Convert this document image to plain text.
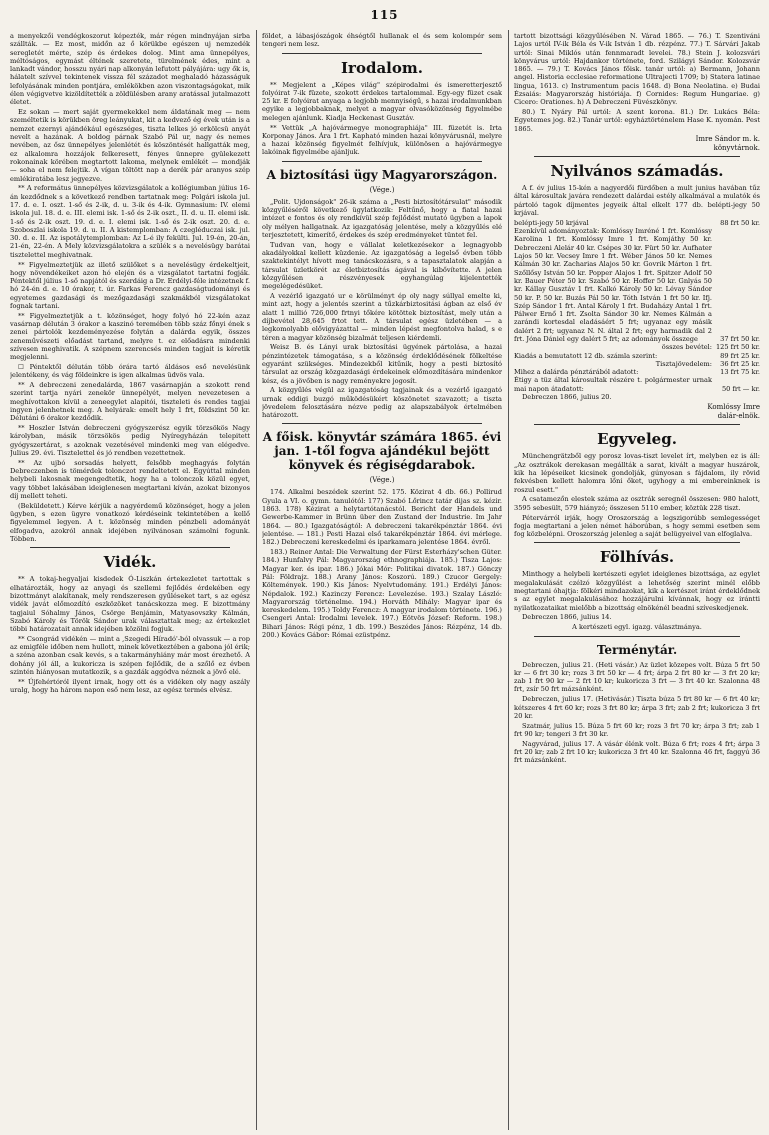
115

a menyekzői vendégkoszorut képezték, már régen mindnyájan sirba szállták. — Ez most, midőn az ő körükbe egészen uj nemzedék seregletét mérte, szép és érdekes dolog. Mint ama ünnepélyes, méltóságos, egymást éltének szeretete, türelmének édes, mint a lankadt vándor, hosszu nyári nap alkonyán lefutott pályájára: ugy ők is, hálatelt szívvel tekintenek vissza fél századot meghaladó házasságuk lefolyásának minden pontjára, emlékökben azon viszontagságokat, mik élen végigvetve kizöldítették a zöldülésben arany aratással jutalmazott életet.

Ez sokan — mert saját gyermekekkel nem áldatának meg — nem személtetik is körükben öreg leányukat, kit a kedvező ég évek után is a nemzet ezernyi ajándékául egészséges, tiszta lelkes jó erkölcsü anyát nevelt a hazának. A boldog párnak Szabó Pál ur, nagy és nemes nevében, az ősz ünnepélyes jelenlétét és köszöntését hallgatták meg, ez alkalomra hozzájok felkeresett, fényes ünnepre gyülekezett rokonainak körében megtartott lakoma, melynek emlékét — mondják — soha el nem felejtik. A vígan töltött nap a derék pár aranyos szép emlékiratába lesz jegyezve.

** A református ünnepélyes közvizsgálatok a kollégiumban július 16-án kezdődnek s a következő rendben tartatnak meg: Polgári iskola jul. 17. d. e. I. oszt. 1-ső és 2-ik, d. u. 3-ik és 4-ik. Gymnasium: IV. elemi iskola jul. 18. d. e. III. elemi isk. 1-ső és 2-ik oszt., II. d. u. II. elemi isk. 1-ső és 2-ik oszt. 19. d. e. I. elemi isk. 1-ső és 2-ik oszt. 20. d. e. Szoboszlai iskola 19. d. u. II. A kistemplomban: A czegléduczai isk. jul. 30. d. e. II. Az ispotálytemplomban: Az L-é ily fekülti. Jul. 19-én, 20-án, 21-én, 22-én. A Mely közvizsgálatokra a szülék s a nevelésügy barátai tisztelettel meghivatnak.

** Figyelmeztetjük az illető szülőket s a nevelésügy érdekeltjeit, hogy növendékeiket azon hó elején és a vizsgálatot tartatni fogják. Péntektől július 1-ső napjától és szerdáig a Dr. Erdélyi-féle intézetnek f. hó 24-én d. e. 10 órakor, t. úr. Farkas Ferencz gazdaságtudományi és egyetemes gazdasági és mezőgazdasági szakmákból vizsgálatokat fognak tartani.

** Figyelmeztetjük a t. közönséget, hogy folyó hó 22-kén azaz vasárnap délután 3 órakor a kaszinó teremében több száz főnyi ének s zenei pártolók kezdeményezése folytán a dalárda egyik, összes zeneművészeti előadást tartand, melyre t. ez előadásra mindenki szívesen meghivatik. A szépnem szerencsés minden tagjait is kéretik megjelenni.

☐ Péntektől délután több órára tartó áldásos eső nevelésünk jelentékeny, és vág földeinkre is igen alkalmas üdvös vala.

** A debreczeni zenedalárda, 1867 vasárnapján a szokott rend szerint tartja nyári zenekör ünnepélyét, melyen nevezetesen a meghívottakon kívül a zeneegylet alapitói, tiszteleti és rendes tagjai ingyen jelenhetnek meg. A helyárak: emelt hely 1 frt, földszint 50 kr. Délutáni 6 órakor kezdődik.

** Hoszler István debreczeni gyógyszerész egyik törzsökös Nagy károlyban, másik törzsökös pedig Nyíregyházán telepitett gyógyszertárat, s azoknak vezetésével mindenki meg van elégedve. Julius 29. évi. Tisztelettel és jó rendben vezettetnek.

** Az ujbó sorsadás helyett, felsőbb meghagyás folytán Debreczenben is tömérdek tolonczot rendeltetett el. Egyúttal minden helybeli lakosnak megengedtetik, hogy ha a tolonczok közül egyet, vagy többet lakásában ideiglenesen megtartani kíván, azokat bizonyos díj mellett teheti.

(Beküldetett.) Kérve kérjük a nagyérdemű közönséget, hogy a jelen ügyben, s ezen ügyre vonatkozó kérdéseink tekintetében a kellő figyelemmel legyen. A t. közönség minden pénzbeli adományát elfogadva, azokról annak idejében nyilvánosan számolni fogunk. Tóbben.

Vidék.

** A tokaj-hegyaljai kisdedek Ó-Liszkán értekezletet tartottak s elhatározták, hogy az anyagi és szellemi fejlődés érdekében egy bizottmányt alakítanak, mely rendszeresen gyűléseket tart, s az egész vidék javát előmozdító eszközöket tanácskozza meg. E bizottmány tagjaiul Sóhalmy János, Csörge Benjámin, Matyasovszky Kálmán, Szabó Károly és Török Sándor urak választattak meg; az értekezlet többi határozatait annak idejében közölni fogjuk.

** Csongrád vidékén — mint a ,Szegedi Híradó'-ból olvassuk — a rop az emigféle időben nem hullott, minek következtében a gabona jól érik; a széna azonban csak kevés, s a takarmányhiány már most érezhető. A dohány jól áll, a kukoricza is szépen fejlődik, de a szőlő ez évben szintén hiányosan mutatkozik, s a gazdák aggódva néznek a jövő elé.

** Újfehértóról ilyent irnak, hogy ott és a vidéken oly nagy aszály uralg, hogy ha három napon eső nem lesz, az egész termés elvész.

földet, a lábasjószágok éhségtől hullanak el és sem kolompér sem tengeri nem lesz.

Irodalom.

** Megjelent a „Képes világ" szépirodalmi és ismeretterjesztő folyóirat 7-ik füzete, szokott érdekes tartalommal. Egy-egy füzet csak 25 kr. E folyóirat anyaga a legjobb mennyiségű, s hazai irodalmunkban egyike a legjobbaknak, melyet a magyar olvasóközönség figyelmébe melegen ajánlunk. Kiadja Heckenast Gusztáv.

** Vettük „A hajóvármegye monographiája" III. füzetét is. Irta Korponay János. Ára 1 frt. Kapható minden hazai könyvárusnál, melyre a hazai közönség figyelmét felhívjuk, különösen a hajóvármegye lakóinak figyelmébe ajánljuk.

A biztosítási ügy Magyarországon.
(Vége.)

„Polit. Ujdonságok" 26-ik száma a „Pesti biztosítótársulat" második közgyűléséről következő ügylatkozik: Feltűnő, hogy a fiatal hazai intézet e fontos és oly rendkívül szép fejlődést mutató ügyben a lapok oly mélyen hallgatnak. Az igazgatóság jelentése, mely a közgyűlés elé terjesztetett, kimerítő, érdekes és szép eredményeket tüntet fel.

Tudvan van, hogy e vállalat keletkezésekor a legnagyobb akadályokkal kellett küzdenie. Az igazgatóság a legelső évben több szaktekintélyt hívott meg tanácskozásra, s a tapasztalatok alapján a társulat üzletkörét az életbiztosítás ágával is kibővítette. A jelen közgyűlésen a részvényesek egyhangúlag kijelentették megelégedésüket.

A vezérlő igazgató ur e körülményt ép oly nagy súllyal emelte ki, mint azt, hogy a jelentés szerint a tűzkárbiztositási ágban az első év alatt 1 millió 726,000 frtnyi tőkére kötöttek biztosítást, mely után a díjbevétel 28,645 frtot tett. A társulat egész üzletében — a legkomolyabb elővigyázattal — minden lépést megfontolva halad, s e téren a magyar közönség bizalmát teljesen kiérdemli.

Weisz B. és Lányi urak biztosítási ügyének pártolása, a hazai pénzintézetek támogatása, s a közönség érdeklődésének fölkeltése egyaránt szükséges. Mindezekből kitűnik, hogy a pesti biztosító társulat az ország közgazdasági érdekeinek előmozdítására mindenkor kész, és a jövőben is nagy reményekre jogosít.

A közgyűlés végül az igazgatóság tagjainak és a vezérlő igazgató urnak eddigi buzgó működésükért köszönetet szavazott; a tiszta jövedelem felosztására nézve pedig az alapszabályok értelmében határozott.

A főisk. könyvtár számára 1865. évi jan. 1-től fogva ajándékul bejött könyvek és régiségdarabok.
(Vége.)

174. Alkalmi beszédek szerint 52. 175. Közirat 4 db. 66.) Pollirud Gyula a VI. o. gymn. tanulótól: 177) Szabó Lőrincz tatár dijas sz. kézir. 1863. 178) Kézirat a helytartótanácstól. Bericht der Handels und Gewerbe-Kammer in Brünn über den Zustand der Industrie. Im Jahr 1864. — 80.) Igazgatóságtól: A debreczeni takarékpénztár 1864. évi jelentése. — 181.) Pesti Hazai első takarékpénztár 1864. évi mérlege. 182.) Debreczeni kereskedelmi és iparkamara jelentése 1864. évről.

183.) Reiner Antal: Die Verwaltung der Fürst Esterházy'schen Güter. 184.) Hunfalvy Pál: Magyarország ethnographiája. 185.) Tisza Lajos: Magyar ker. és ipar. 186.) Jókai Mór: Politikai divatok. 187.) Gönczy Pál: Földrajz. 188.) Arany János: Koszorú. 189.) Czucor Gergely: Költemények. 190.) Kis János: Nyelvtudomány. 191.) Erdélyi János: Népdalok. 192.) Kazinczy Ferencz: Levelezése. 193.) Szalay László: Magyarország történelme. 194.) Horváth Mihály: Magyar ipar és kereskedelem. 195.) Toldy Ferencz: A magyar irodalom története. 196.) Csengeri Antal: Irodalmi levelek. 197.) Eötvös József: Reform. 198.) Bihari János: Régi pénz, 1 db. 199.) Beszédes János: Rézpénz, 14 db. 200.) Kovács Gábor: Római ezüstpénz.

tartott bizottsági közgyűlésében N. Várad 1865. — 76.) T. Szentiváni Lajos urtól IV-ik Béla és V-ik István 1 db. rézpénz. 77.) T. Sárvári Jakab urtól: Sinai Miklós után fennmaradt levelei. 78.) Stein J. kolozsvári könyvárus urtól: Hajdankor története, ford. Szilágyi Sándor. Kolozsvár 1865. — 79.) T. Kovács János főisk. tanár urtól: a) Bermann, Johann angel. Historia ecclesiae reformatione Ultrajecti 1709; b) Statera latinae lingua, 1613. c) Instrumentum pacis 1648. d) Bona Neolatina. e) Budai Ézsaiás: Magyarország históriája. f) Cornides: Regum Hungariae. g) Cicero: Orationes. h) A Debreczeni Füvészkönyv.

80.) T. Nyáry Pál urtól: A szent korona. 81.) Dr. Lukács Béla: Egyetemes jog. 82.) Tanár urtól: egyháztörténelem Hase K. nyomán. Pest 1865.

Imre Sándor m. k.
könyvtárnok.
Nyilvános számadás.

A f. év julius 15-kén a nagyerdői fürdőben a mult junius havában tűz által károsultak javára rendezett dalárdai estély alkalmával a mulatók és pártoló tagok díjmentes jegyeik által elkelt 177 db. belépti-jegy 50 krjával.

belépti-jegy 50 krjával	88 frt 50 kr.
Ezenkívül adományoztak: Komlóssy Imréné 1 frt. Komlóssy Karolina 1 frt. Komlóssy Imre 1 frt. Komjáthy 50 kr. Debreczeni Alelár 40 kr. Csépes 30 kr. Fürt 50 kr. Aufhater Lajos 50 kr. Vecsey Imre 1 frt. Wéber János 50 kr. Nemes Kálmán 30 kr. Zacharias Alajos 50 kr. Govrik Márton 1 frt. Szőllősy István 50 kr. Popper Alajos 1 frt. Spitzer Adolf 50 kr. Bauer Péter 50 kr. Szabó 50 kr. Hoffer 50 kr. Gnlyás 50 kr. Kállay Gusztáv 1 frt. Kalkó Károly 50 kr. Lévay Sándor 50 kr. P. 50 kr. Buzás Pál 50 kr. Tóth István 1 frt 50 kr. Ifj. Szép Sándor 1 frt. Antal Károly 1 frt. Budaházy Antal 1 frt. Pálwer Ernő 1 frt. Zsolta Sándor 30 kr. Nemes Kálmán a zarándi kortesdal eladásáért 5 frt; ugyanaz egy másik dalért 2 frt; ugyanaz N. N. által 2 frt; egy harmadik dal 2 frt. Jóna Dániel egy dalért 5 frt; az adományok összege	37 frt 50 kr.
összes bevétel:	125 frt 50 kr.
Kiadás a bemutatott 12 db. számla szerint:	89 frt 25 kr.
Tisztajövedelem:	36 frt 25 kr.
Mihez a dalárda pénztárából adatott:	13 frt 75 kr.
Étigy a tüz által károsultak részére t. polgármester urnak mai napon átadatott:	50 frt — kr.

Debreczen 1866, julius 20.

Komlóssy Imre
dalár-elnök.
Egyveleg.

Münchengrätzből egy porosz lovas-tiszt levelet írt, melyben ez is áll: „Az osztrákok derekasan megállták a sarat, kivált a magyar huszárok, kik ha lépéseiket kicsinek gondolják, gúnyosan s fájdalom, ily rövid fekvésben kellett halomra lőni őket, ugyhogy a mi embereinknek is roszul esett."

A csatamezőn elestek száma az osztrák seregnél összesen: 980 halott, 3595 sebesült, 579 hiányzó; összesen 5110 ember, köztük 228 tiszt.

Pétervárról irják, hogy Oroszország a legszigorúbb semlegességet fogja megtartani a jelen német háborúban, s hogy semmi esetben sem fog közbelépni. Oroszország jelenleg a saját belügyeivel van elfoglalva.

Fölhívás.

Minthogy a helybeli kertészeti egylet ideiglenes bizottsága, az egylet megalakulását czélzó közgyűlést a lehetőség szerint minél előbb megtartani óhajtja: fölkéri mindazokat, kik a kertészet iránt érdeklődnek s az egylet megalakulásához hozzájárulni kívánnak, hogy ez irántti nyilatkozataikat mielőbb a bizottság elnökénél beadni szíveskedjenek.

Debreczen 1866, julius 14.

A kertészeti egyl. igazg. választmánya.
Terménytár.

Debreczen, julius 21. (Heti vásár.) Az üzlet közepes volt. Búza 5 frt 50 kr — 6 frt 30 kr; rozs 3 frt 50 kr — 4 frt; árpa 2 frt 80 kr — 3 frt 20 kr; zab 1 frt 90 kr — 2 frt 10 kr; kukoricza 3 frt — 3 frt 40 kr. Szalonna 48 frt, zsír 50 frt mázsánként.

Debreczen, julius 17. (Hetivásár.) Tiszta búza 5 frt 80 kr — 6 frt 40 kr; kétszeres 4 frt 60 kr; rozs 3 frt 80 kr; árpa 3 frt; zab 2 frt; kukoricza 3 frt 20 kr.

Szatmár, julius 15. Búza 5 frt 60 kr; rozs 3 frt 70 kr; árpa 3 frt; zab 1 frt 90 kr; tengeri 3 frt 30 kr.

Nagyvárad, julius 17. A vásár élénk volt. Búza 6 frt; rozs 4 frt; árpa 3 frt 20 kr; zab 2 frt 10 kr; kukoricza 3 frt 40 kr. Szalonna 46 frt, faggyú 36 frt mázsánként.
